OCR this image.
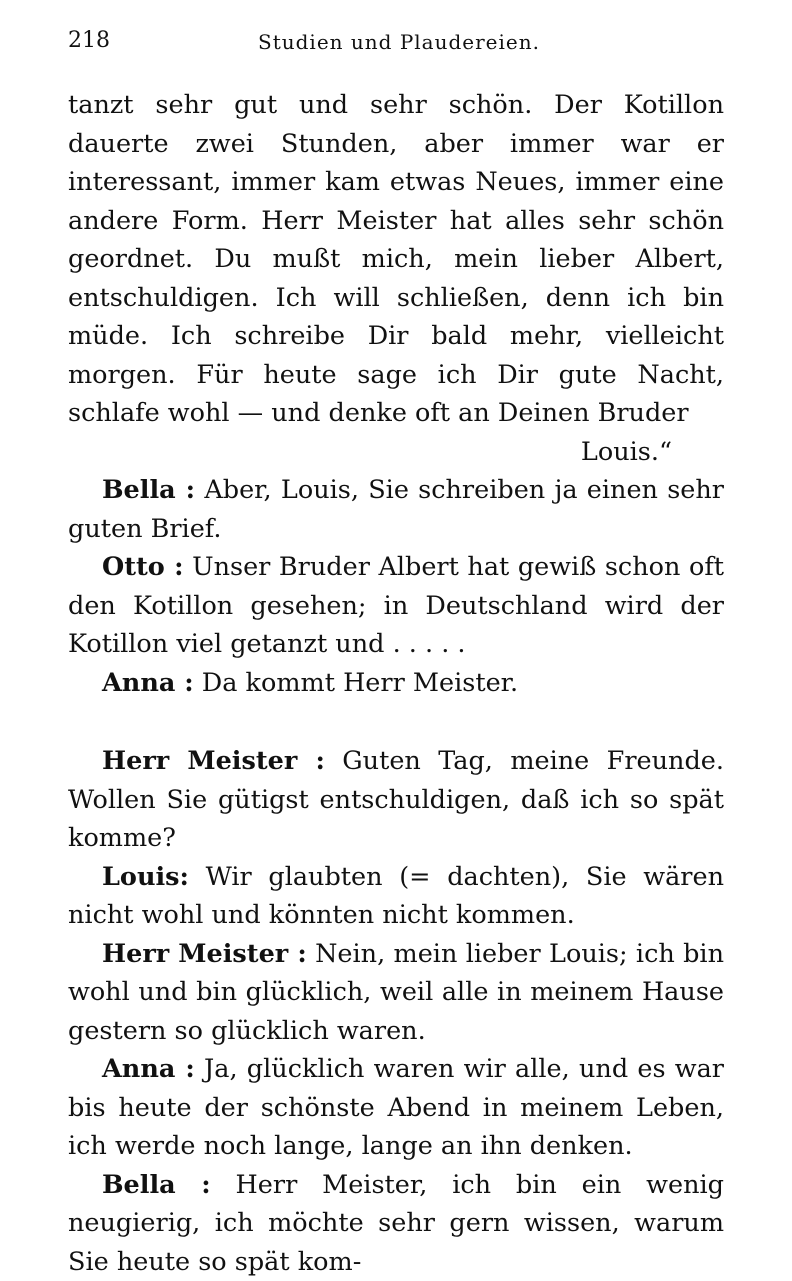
218	Studien und Plaudereien.

tanzt sehr gut und sehr schön. Der Kotillon dauerte zwei Stunden, aber immer war er interessant, immer kam etwas Neues, immer eine andere Form. Herr Meister hat alles sehr schön geordnet. Du mußt mich, mein lieber Albert, entschuldigen. Ich will schließen, denn ich bin müde. Ich schreibe Dir bald mehr, vielleicht morgen. Für heute sage ich Dir gute Nacht, schlafe wohl — und denke oft an Deinen Bruder

Louis.“

Bella : Aber, Louis, Sie schreiben ja einen sehr guten Brief.

Otto : Unser Bruder Albert hat gewiß schon oft den Kotillon gesehen; in Deutschland wird der Kotillon viel getanzt und . . . . .

Anna : Da kommt Herr Meister.

Herr Meister : Guten Tag, meine Freunde. Wollen Sie gütigst entschuldigen, daß ich so spät komme?

Louis: Wir glaubten (= dachten), Sie wären nicht wohl und könnten nicht kommen.

Herr Meister : Nein, mein lieber Louis; ich bin wohl und bin glücklich, weil alle in meinem Hause gestern so glücklich waren.

Anna : Ja, glücklich waren wir alle, und es war bis heute der schönste Abend in meinem Leben, ich werde noch lange, lange an ihn denken.

Bella : Herr Meister, ich bin ein wenig neugierig, ich möchte sehr gern wissen, warum Sie heute so spät kom-
